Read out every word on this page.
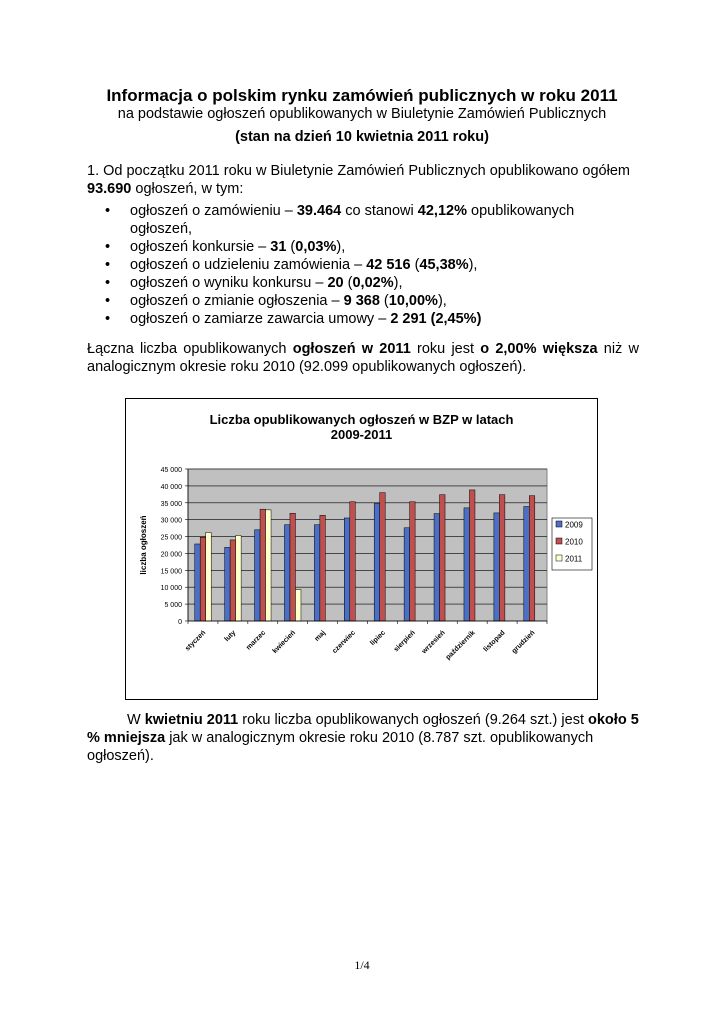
Informacja o polskim rynku zamówień publicznych w roku 2011
na podstawie ogłoszeń opublikowanych w Biuletynie Zamówień Publicznych
(stan na dzień 10 kwietnia 2011 roku)
1. Od początku 2011 roku w Biuletynie Zamówień Publicznych opublikowano ogółem 93.690 ogłoszeń, w tym:
• ogłoszeń o zamówieniu – 39.464 co stanowi 42,12% opublikowanych ogłoszeń,
• ogłoszeń konkursie – 31 (0,03%),
• ogłoszeń o udzieleniu zamówienia – 42 516 (45,38%),
• ogłoszeń o wyniku konkursu – 20 (0,02%),
• ogłoszeń o zmianie ogłoszenia – 9 368 (10,00%),
• ogłoszeń o zamiarze zawarcia umowy – 2 291 (2,45%)
Łączna liczba opublikowanych ogłoszeń w 2011 roku jest o 2,00% większa niż w analogicznym okresie roku 2010 (92.099 opublikowanych ogłoszeń).
Liczba opublikowanych ogłoszeń w BZP w latach
2009-2011
0
5 000
10 000
15 000
20 000
25 000
30 000
35 000
40 000
45 000
liczba ogłoszeń
styczeń luty marzec kwiecień maj czerwiec lipiec sierpień wrzesień
październik listopad grudzień
2009
2010
2011
W kwietniu 2011 roku liczba opublikowanych ogłoszeń (9.264 szt.) jest około 5 % mniejsza jak w analogicznym okresie roku 2010 (8.787 szt. opublikowanych ogłoszeń).
1/4
